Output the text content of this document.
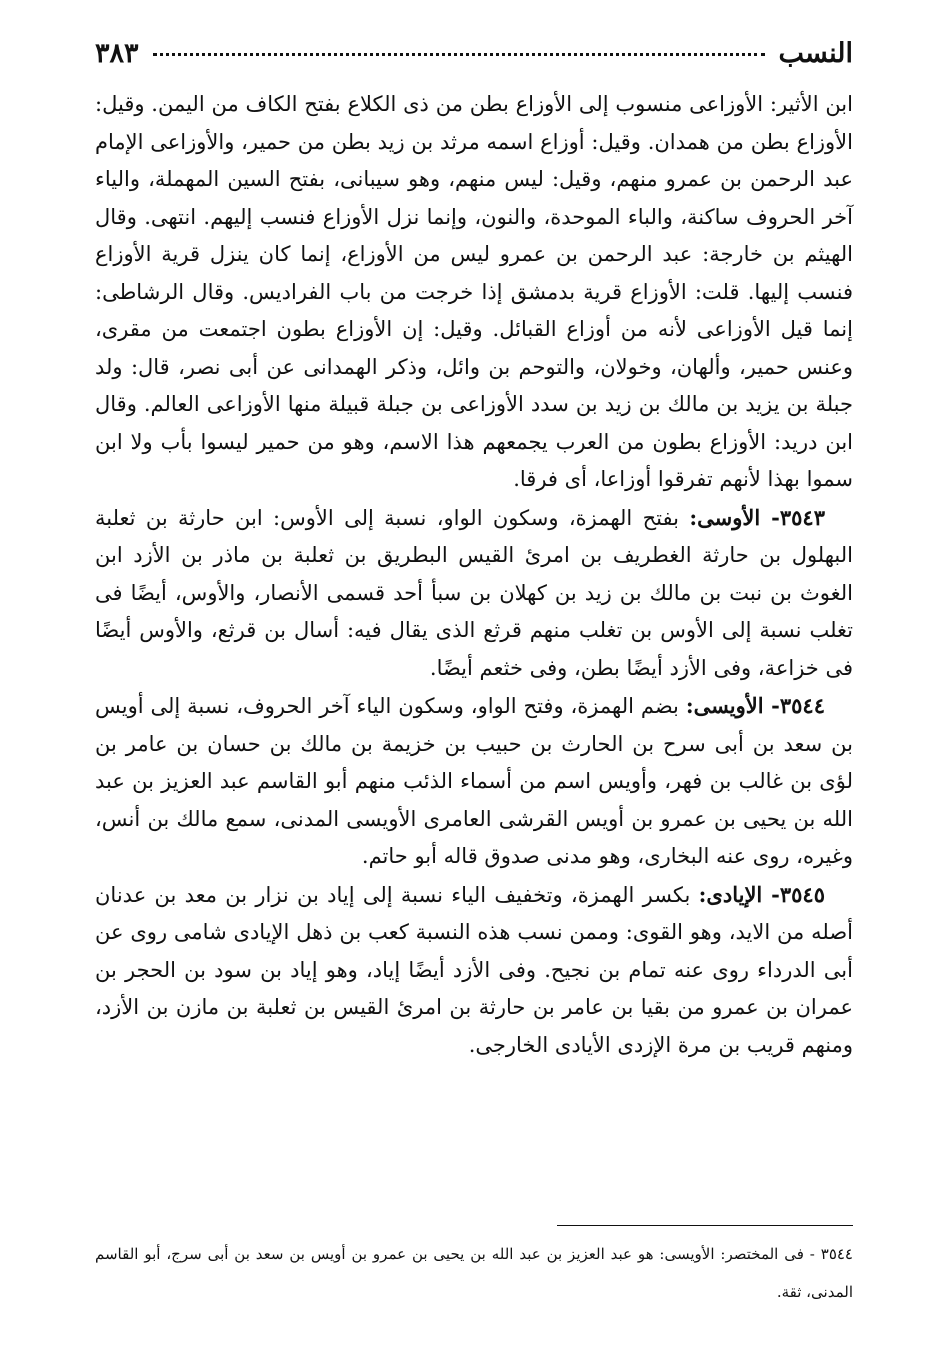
النسب
٣٨٣

ابن الأثير: الأوزاعى منسوب إلى الأوزاع بطن من ذى الكلاع بفتح الكاف من اليمن. وقيل: الأوزاع بطن من همدان. وقيل: أوزاع اسمه مرثد بن زيد بطن من حمير، والأوزاعى الإمام عبد الرحمن بن عمرو منهم، وقيل: ليس منهم، وهو سيبانى، بفتح السين المهملة، والياء آخر الحروف ساكنة، والباء الموحدة، والنون، وإنما نزل الأوزاع فنسب إليهم. انتهى. وقال الهيثم بن خارجة: عبد الرحمن بن عمرو ليس من الأوزاع، إنما كان ينزل قرية الأوزاع فنسب إليها. قلت: الأوزاع قرية بدمشق إذا خرجت من باب الفراديس. وقال الرشاطى: إنما قيل الأوزاعى لأنه من أوزاع القبائل. وقيل: إن الأوزاع بطون اجتمعت من مقرى، وعنس حمير، وألهان، وخولان، والتوحم بن وائل، وذكر الهمدانى عن أبى نصر، قال: ولد جبلة بن يزيد بن مالك بن زيد بن سدد الأوزاعى بن جبلة قبيلة منها الأوزاعى العالم. وقال ابن دريد: الأوزاع بطون من العرب يجمعهم هذا الاسم، وهو من حمير ليسوا بأب ولا ابن سموا بهذا لأنهم تفرقوا أوزاعا، أى فرقا.

٣٥٤٣- الأوسى: بفتح الهمزة، وسكون الواو، نسبة إلى الأوس: ابن حارثة بن ثعلبة البهلول بن حارثة الغطريف بن امرئ القيس البطريق بن ثعلبة بن ماذر بن الأزد ابن الغوث بن نبت بن مالك بن زيد بن كهلان بن سبأ أحد قسمى الأنصار، والأوس، أيضًا فى تغلب نسبة إلى الأوس بن تغلب منهم قرثع الذى يقال فيه: أسال بن قرثع، والأوس أيضًا فى خزاعة، وفى الأزد أيضًا بطن، وفى خثعم أيضًا.

٣٥٤٤- الأويسى: بضم الهمزة، وفتح الواو، وسكون الياء آخر الحروف، نسبة إلى أويس بن سعد بن أبى سرح بن الحارث بن حبيب بن خزيمة بن مالك بن حسان بن عامر بن لؤى بن غالب بن فهر، وأويس اسم من أسماء الذئب منهم أبو القاسم عبد العزيز بن عبد الله بن يحيى بن عمرو بن أويس القرشى العامرى الأويسى المدنى، سمع مالك بن أنس، وغيره، روى عنه البخارى، وهو مدنى صدوق قاله أبو حاتم.

٣٥٤٥- الإيادى: بكسر الهمزة، وتخفيف الياء نسبة إلى إياد بن نزار بن معد بن عدنان أصله من الايد، وهو القوى: وممن نسب هذه النسبة كعب بن ذهل الإيادى شامى روى عن أبى الدرداء روى عنه تمام بن نجيح. وفى الأزد أيضًا إياد، وهو إياد بن سود بن الحجر بن عمران بن عمرو من بقيا بن عامر بن حارثة بن امرئ القيس بن ثعلبة بن مازن بن الأزد، ومنهم قريب بن مرة الإزدى الأيادى الخارجى.

٣٥٤٤ - فى المختصر: الأويسى: هو عبد العزيز بن عبد الله بن يحيى بن عمرو بن أويس بن سعد بن أبى سرج، أبو القاسم المدنى، ثقة.
